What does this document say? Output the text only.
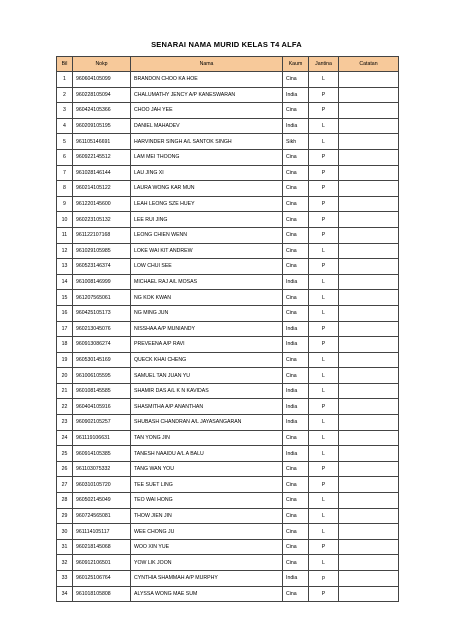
SENARAI NAMA MURID KELAS T4 ALFA
Bil	Nokp	Nama	Kaum	Jantina	Catatan
1	960604105099	BRANDON CHOO KA HOE	Cina	L	
2	960228105094	CHALUMATHY JENCY A/P KANESWARAN	India	P	
3	960424105366	CHOO JAH YEE	Cina	P	
4	960209105195	DANIEL MAHADEV	India	L	
5	961105146691	HARVINDER SINGH A/L SANTOK SINGH	Sikh	L	
6	960922145512	LAM MEI THOONG	Cina	P	
7	961028146144	LAU JING XI	Cina	P	
8	960214105122	LAURA WONG KAR MUN	Cina	P	
9	961220145600	LEAH LEONG SZE HUEY	Cina	P	
10	960223105132	LEE RUI JING	Cina	P	
11	961122107168	LEONG CHIEN WENN	Cina	P	
12	961029105985	LOKE WAI KIT ANDREW	Cina	L	
13	960523146374	LOW CHUI SEE	Cina	P	
14	961008146999	MICHAEL RAJ A/L MOSAS	India	L	
15	961207565061	NG KOK KWAN	Cina	L	
16	960425105173	NG MING JUN	Cina	L	
17	960213045076	NISSHAA A/P MUNIANDY	India	P	
18	960913086274	PREVEENA A/P RAVI	India	P	
19	960530145169	QUECK KHAI CHENG	Cina	L	
20	961006105595	SAMUEL TAN JUAN YU	Cina	L	
21	960108145585	SHAMIR DAS A/L K N KAVIDAS	India	L	
22	960404105916	SHASMITHA A/P ANANTHAN	India	P	
23	960902105257	SHUBASH CHANDRAN A/L JAYASANGARAN	India	L	
24	961119106631	TAN YONG JIN	Cina	L	
25	960914105385	TANESH NAAIDU A/L A BALU	India	L	
26	961103075332	TANG WAN YOU	Cina	P	
27	960310105720	TEE SUET LING	Cina	P	
28	960502145049	TEO WAI HONG	Cina	L	
29	960724565081	THOW JIEN JIN	Cina	L	
30	961114105117	WEE CHONG JU	Cina	L	
31	960218145068	WOO XIN YUE	Cina	P	
32	960912106501	YOW LIK JOON	Cina	L	
33	960125106764	CYNTHIA SHAMMAH A/P MURPHY	India	p	
34	961018105808	ALYSSA WONG MAE SUM	Cina	P	
